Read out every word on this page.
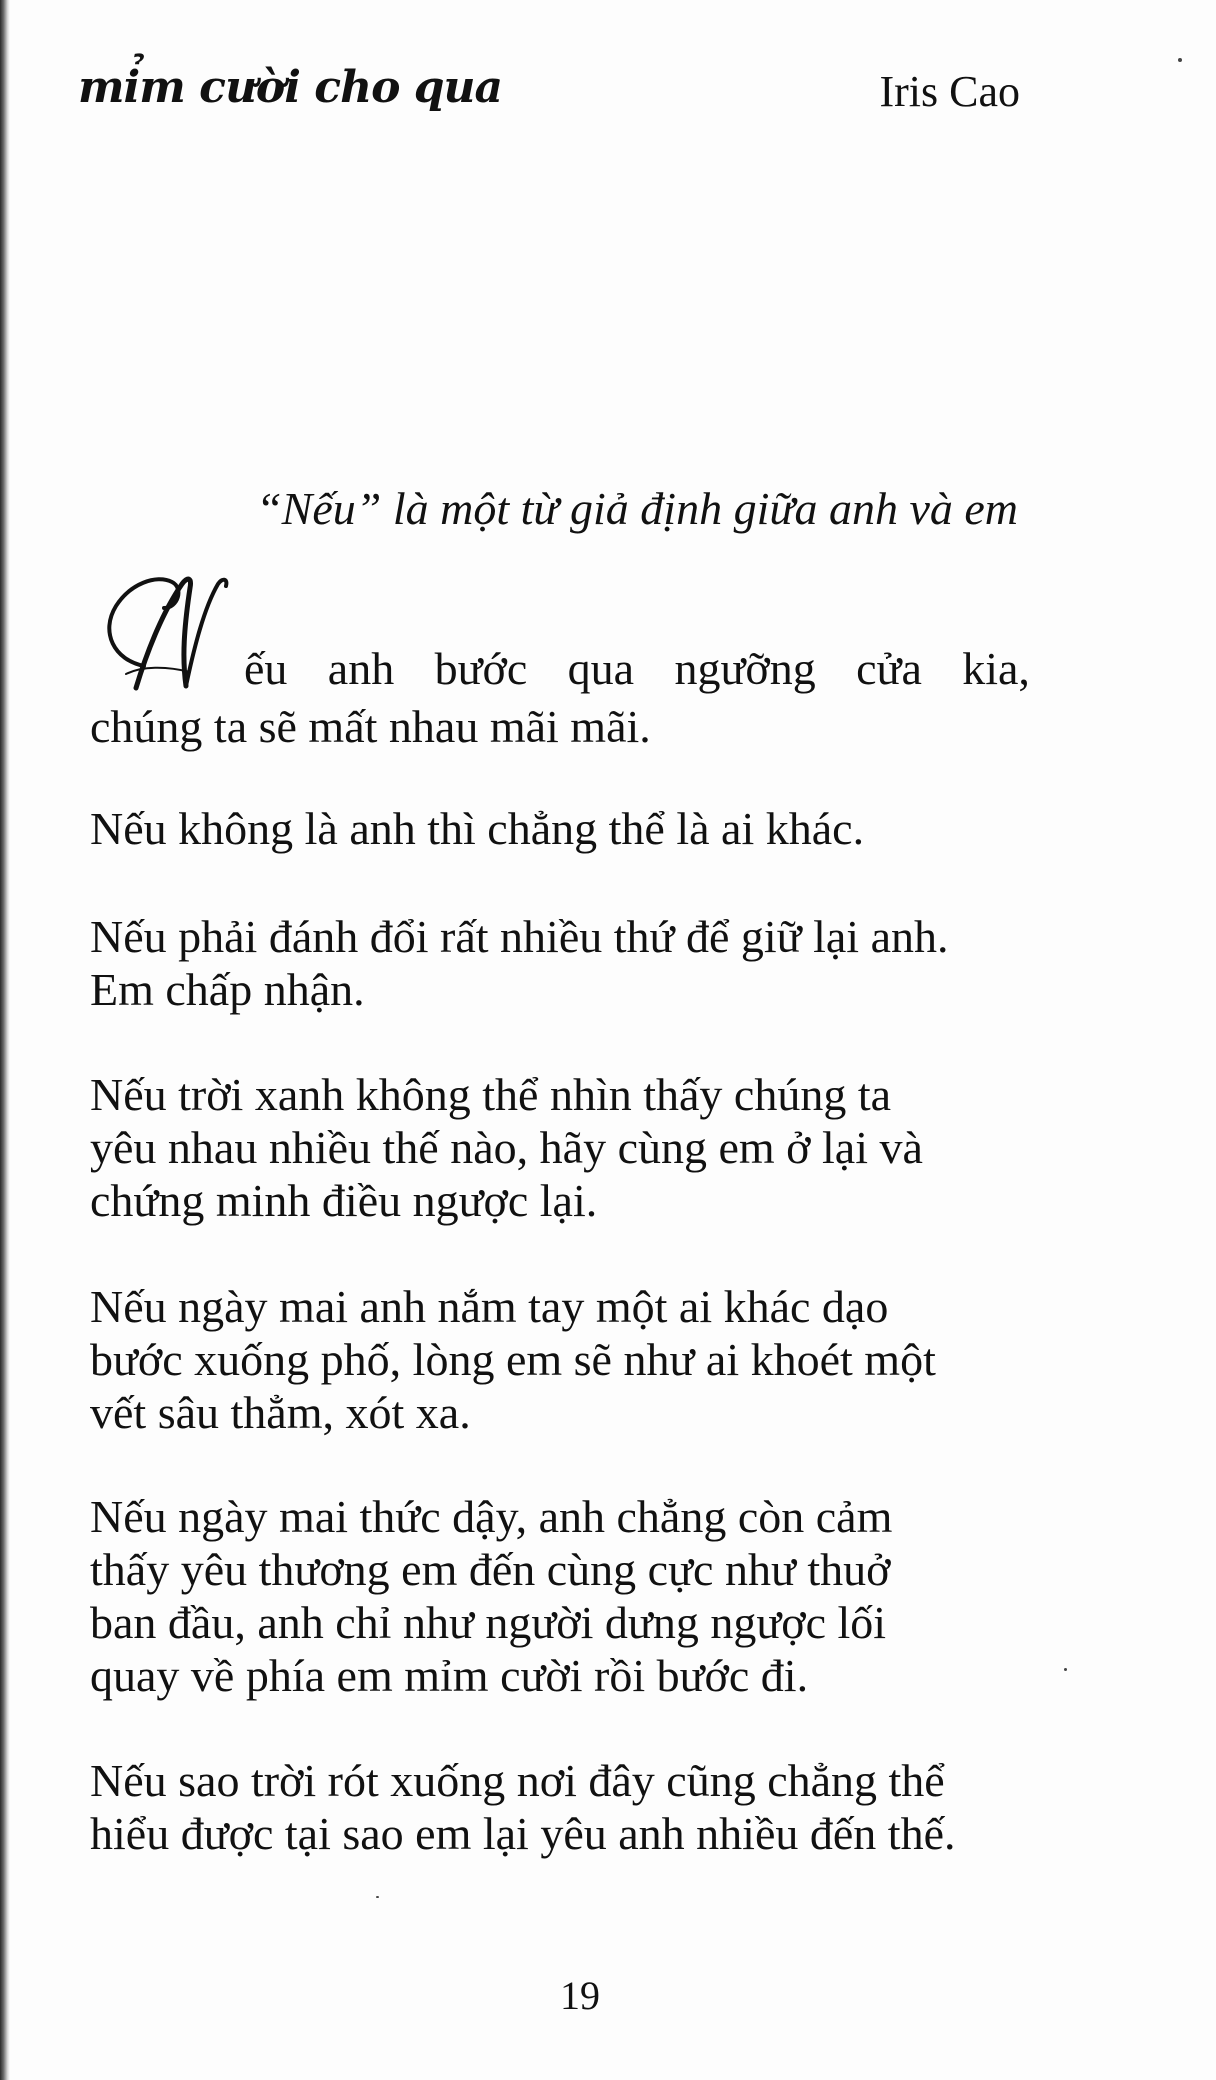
mỉm cười cho qua	Iris Cao
“Nếu” là một từ giả định giữa anh và em
ếu anh bước qua ngưỡng cửa kia,
chúng ta sẽ mất nhau mãi mãi.
Nếu không là anh thì chẳng thể là ai khác.
Nếu phải đánh đổi rất nhiều thứ để giữ lại anh.
Em chấp nhận.
Nếu trời xanh không thể nhìn thấy chúng ta
yêu nhau nhiều thế nào, hãy cùng em ở lại và
chứng minh điều ngược lại.
Nếu ngày mai anh nắm tay một ai khác dạo
bước xuống phố, lòng em sẽ như ai khoét một
vết sâu thẳm, xót xa.
Nếu ngày mai thức dậy, anh chẳng còn cảm
thấy yêu thương em đến cùng cực như thuở
ban đầu, anh chỉ như người dưng ngược lối
quay về phía em mỉm cười rồi bước đi.
Nếu sao trời rót xuống nơi đây cũng chẳng thể
hiểu được tại sao em lại yêu anh nhiều đến thế.
19
